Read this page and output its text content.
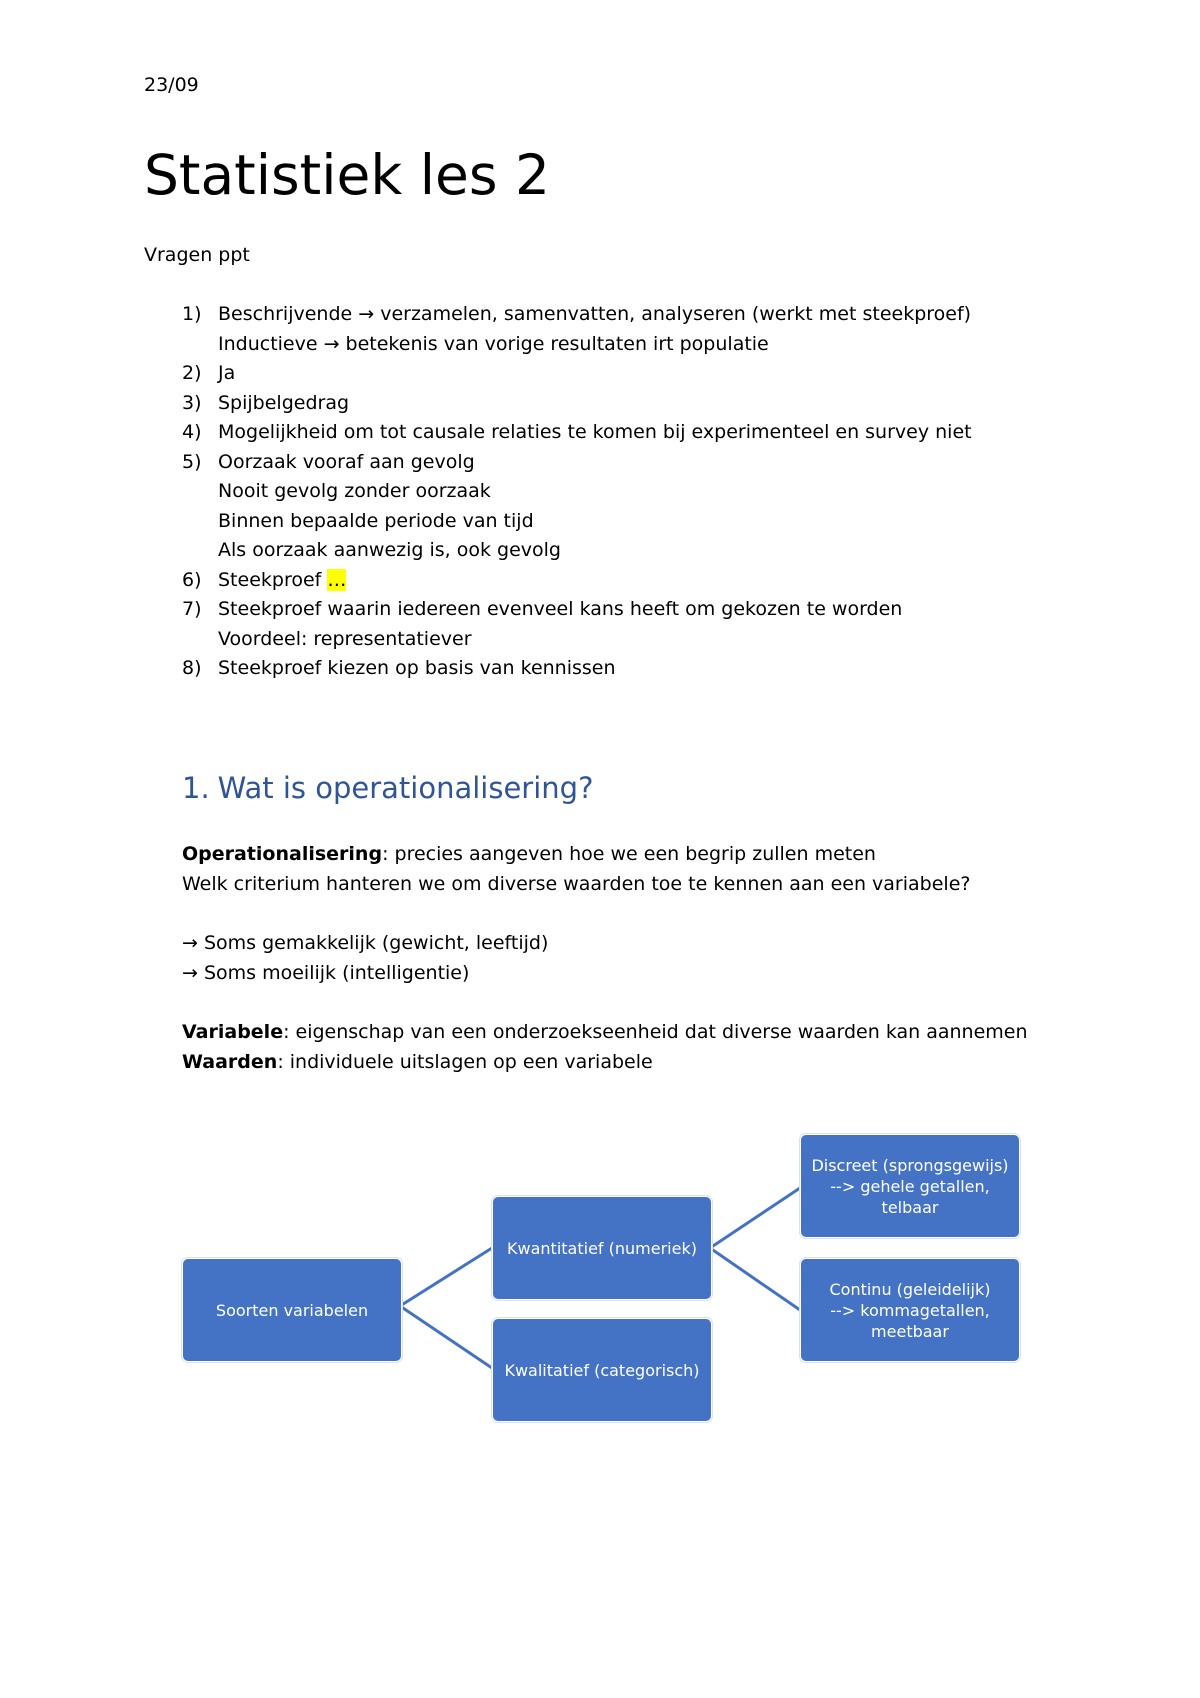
23/09
Statistiek les 2
Vragen ppt
1) Beschrijvende → verzamelen, samenvatten, analyseren (werkt met steekproef)
Inductieve → betekenis van vorige resultaten irt populatie
2) Ja
3) Spijbelgedrag
4) Mogelijkheid om tot causale relaties te komen bij experimenteel en survey niet
5) Oorzaak vooraf aan gevolg
Nooit gevolg zonder oorzaak
Binnen bepaalde periode van tijd
Als oorzaak aanwezig is, ook gevolg
6) Steekproef …
7) Steekproef waarin iedereen evenveel kans heeft om gekozen te worden
Voordeel: representatiever
8) Steekproef kiezen op basis van kennissen
1. Wat is operationalisering?

Operationalisering: precies aangeven hoe we een begrip zullen meten

Welk criterium hanteren we om diverse waarden toe te kennen aan een variabele?

→ Soms gemakkelijk (gewicht, leeftijd)

→ Soms moeilijk (intelligentie)

Variabele: eigenschap van een onderzoekseenheid dat diverse waarden kan aannemen

Waarden: individuele uitslagen op een variabele

Soorten variabelen
Kwantitatief (numeriek)
Kwalitatief (categorisch)
Discreet (sprongsgewijs)
--> gehele getallen, telbaar
Continu (geleidelijk)
--> kommagetallen, meetbaar
